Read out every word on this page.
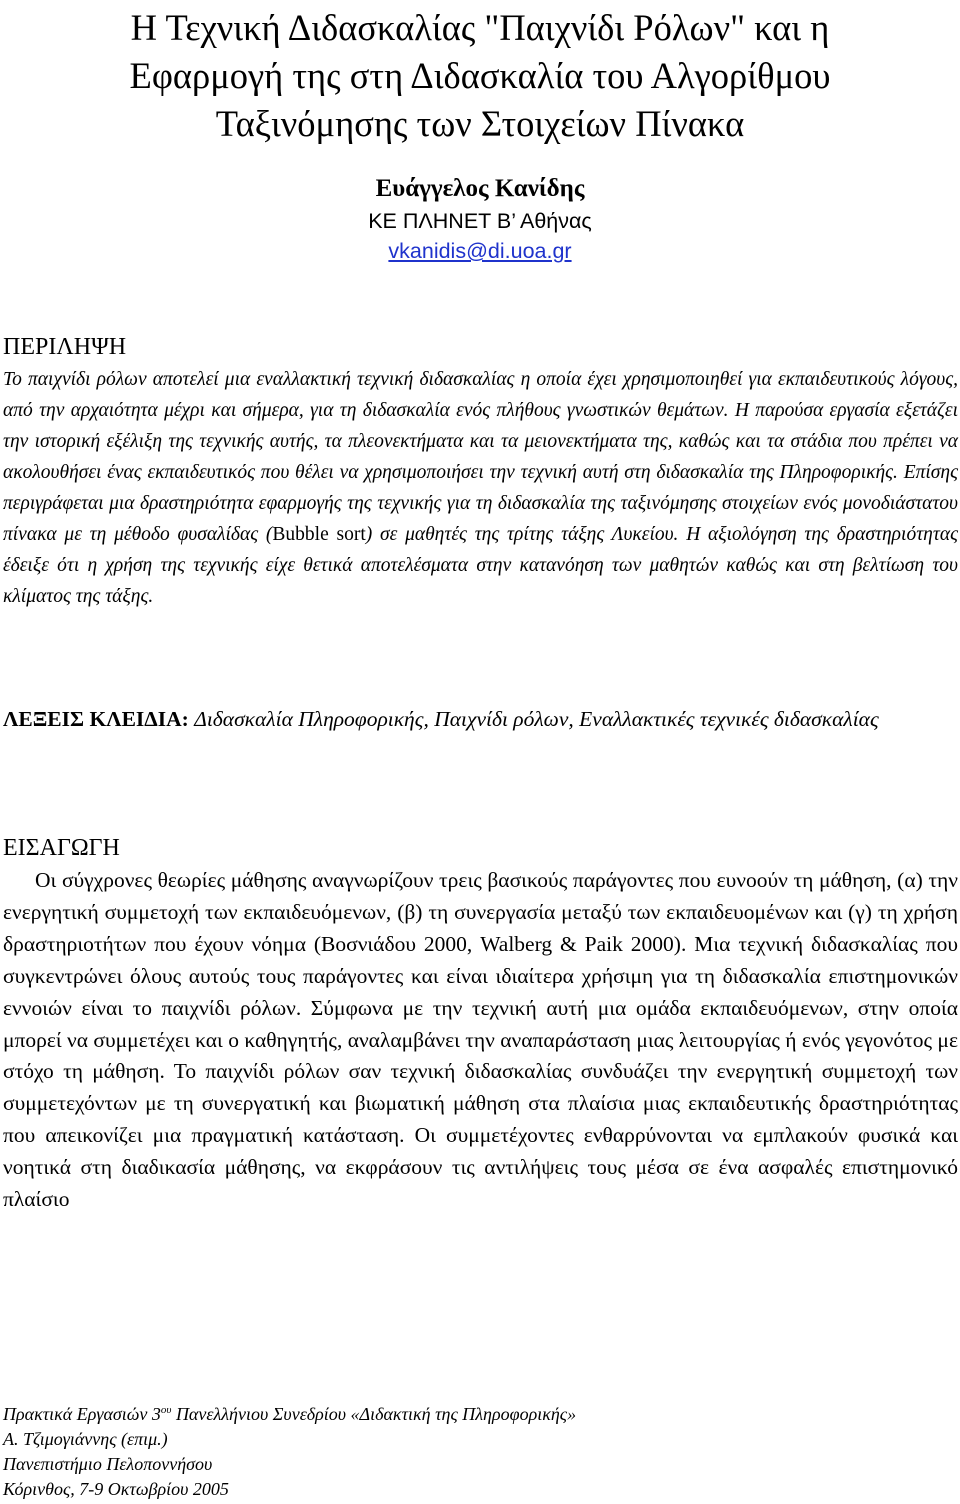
Η Τεχνική Διδασκαλίας "Παιχνίδι Ρόλων" και η
Εφαρμογή της στη Διδασκαλία του Αλγορίθμου
Ταξινόμησης των Στοιχείων Πίνακα
Ευάγγελος Κανίδης
ΚΕ ΠΛΗΝΕΤ Β’ Αθήνας
vkanidis@di.uoa.gr
ΠΕΡΙΛΗΨΗ

Το παιχνίδι ρόλων αποτελεί μια εναλλακτική τεχνική διδασκαλίας η οποία έχει χρησιμοποιηθεί για εκπαιδευτικούς λόγους, από την αρχαιότητα μέχρι και σήμερα, για τη διδασκαλία ενός πλήθους γνωστικών θεμάτων. Η παρούσα εργασία εξετάζει την ιστορική εξέλιξη της τεχνικής αυτής, τα πλεονεκτήματα και τα μειονεκτήματα της, καθώς και τα στάδια που πρέπει να ακολουθήσει ένας εκπαιδευτικός που θέλει να χρησιμοποιήσει την τεχνική αυτή στη διδασκαλία της Πληροφορικής. Επίσης περιγράφεται μια δραστηριότητα εφαρμογής της τεχνικής για τη διδασκαλία της ταξινόμησης στοιχείων ενός μονοδιάστατου πίνακα με τη μέθοδο φυσαλίδας (Bubble sort) σε μαθητές της τρίτης τάξης Λυκείου. Η αξιολόγηση της δραστηριότητας έδειξε ότι η χρήση της τεχνικής είχε θετικά αποτελέσματα στην κατανόηση των μαθητών καθώς και στη βελτίωση του κλίματος της τάξης.

ΛΕΞΕΙΣ ΚΛΕΙΔΙΑ: Διδασκαλία Πληροφορικής, Παιχνίδι ρόλων, Εναλλακτικές τεχνικές διδασκαλίας

ΕΙΣΑΓΩΓΗ

Οι σύγχρονες θεωρίες μάθησης αναγνωρίζουν τρεις βασικούς παράγοντες που ευνοούν τη μάθηση, (α) την ενεργητική συμμετοχή των εκπαιδευόμενων, (β) τη συνεργασία μεταξύ των εκπαιδευομένων και (γ) τη χρήση δραστηριοτήτων που έχουν νόημα (Βοσνιάδου 2000, Walberg & Paik 2000). Μια τεχνική διδασκαλίας που συγκεντρώνει όλους αυτούς τους παράγοντες και είναι ιδιαίτερα χρήσιμη για τη διδασκαλία επιστημονικών εννοιών είναι το παιχνίδι ρόλων. Σύμφωνα με την τεχνική αυτή μια ομάδα εκπαιδευόμενων, στην οποία μπορεί να συμμετέχει και ο καθηγητής, αναλαμβάνει την αναπαράσταση μιας λειτουργίας ή ενός γεγονότος με στόχο τη μάθηση. Το παιχνίδι ρόλων σαν τεχνική διδασκαλίας συνδυάζει την ενεργητική συμμετοχή των συμμετεχόντων με τη συνεργατική και βιωματική μάθηση στα πλαίσια μιας εκπαιδευτικής δραστηριότητας που απεικονίζει μια πραγματική κατάσταση. Οι συμμετέχοντες ενθαρρύνονται να εμπλακούν φυσικά και νοητικά στη διαδικασία μάθησης, να εκφράσουν τις αντιλήψεις τους μέσα σε ένα ασφαλές επιστημονικό πλαίσιο

Πρακτικά Εργασιών $3^{o\upsilon}$ Πανελλήνιου Συνεδρίου «Διδακτική της Πληροφορικής»
Α. Τζιμογιάννης (επιμ.)
Πανεπιστήμιο Πελοποννήσου
Κόρινθος, 7-9 Οκτωβρίου 2005
